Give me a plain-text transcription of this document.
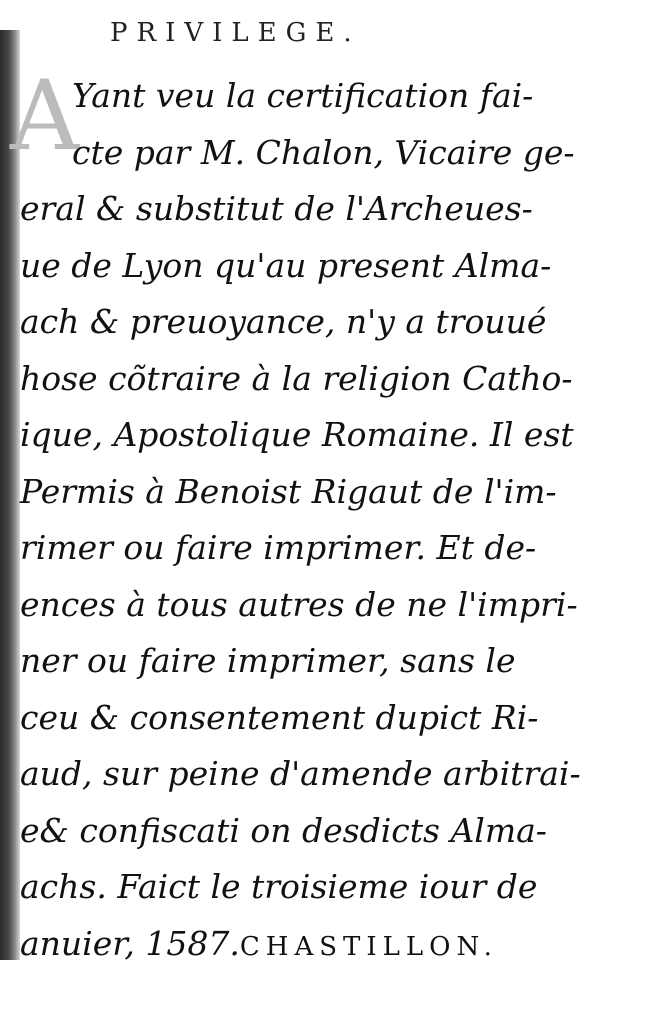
PRIVILEGE.
A
Yant veu la certification fai-
cte par M. Chalon, Vicaire ge-
eral & substitut de l'Archeues-
ue de Lyon qu'au present Alma-
ach & preuoyance, n'y a trouué
hose cõtraire à la religion Catho-
ique, Apostolique Romaine. Il est
Permis à Benoist Rigaut de l'im-
rimer ou faire imprimer. Et de-
ences à tous autres de ne l'impri-
ner ou faire imprimer, sans le
ceu & consentement dupict Ri-
aud, sur peine d'amende arbitrai-
e& confiscati on desdicts Alma-
achs. Faict le troisieme iour de
anuier, 1587.CHASTILLON.
